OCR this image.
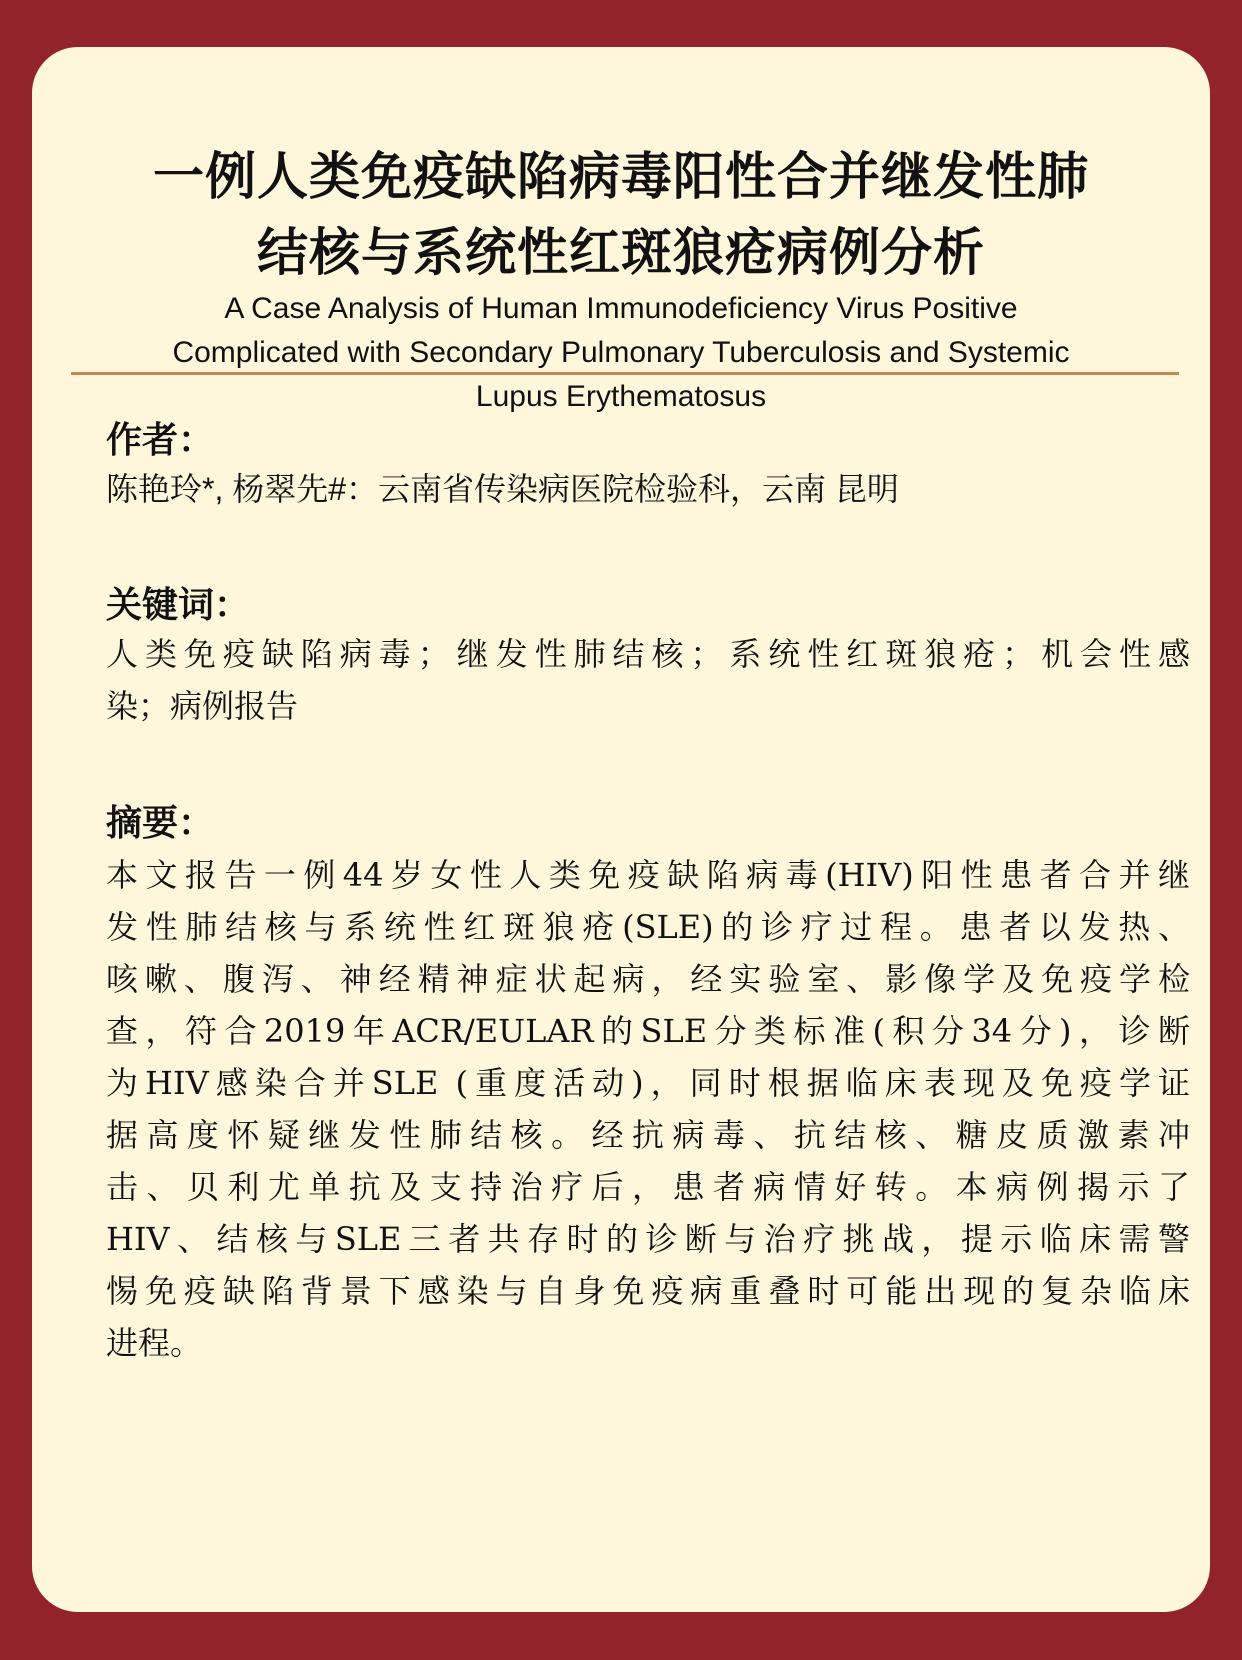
一例人类免疫缺陷病毒阳性合并继发性肺
结核与系统性红斑狼疮病例分析
A Case Analysis of Human Immunodeficiency Virus Positive
Complicated with Secondary Pulmonary Tuberculosis and Systemic
Lupus Erythematosus
作者：
陈艳玲*, 杨翠先#：云南省传染病医院检验科，云南 昆明
关键词：
人类免疫缺陷病毒；继发性肺结核；系统性红斑狼疮；机会性感
染；病例报告
摘要：
本文报告一例44岁女性人类免疫缺陷病毒(HIV)阳性患者合并继
发性肺结核与系统性红斑狼疮(SLE)的诊疗过程。患者以发热、
咳嗽、腹泻、神经精神症状起病，经实验室、影像学及免疫学检
查，符合2019年ACR/EULAR的SLE分类标准(积分34分)，诊断
为HIV感染合并SLE (重度活动)，同时根据临床表现及免疫学证
据高度怀疑继发性肺结核。经抗病毒、抗结核、糖皮质激素冲
击、贝利尤单抗及支持治疗后，患者病情好转。本病例揭示了
HIV、结核与SLE三者共存时的诊断与治疗挑战，提示临床需警
惕免疫缺陷背景下感染与自身免疫病重叠时可能出现的复杂临床
进程。
